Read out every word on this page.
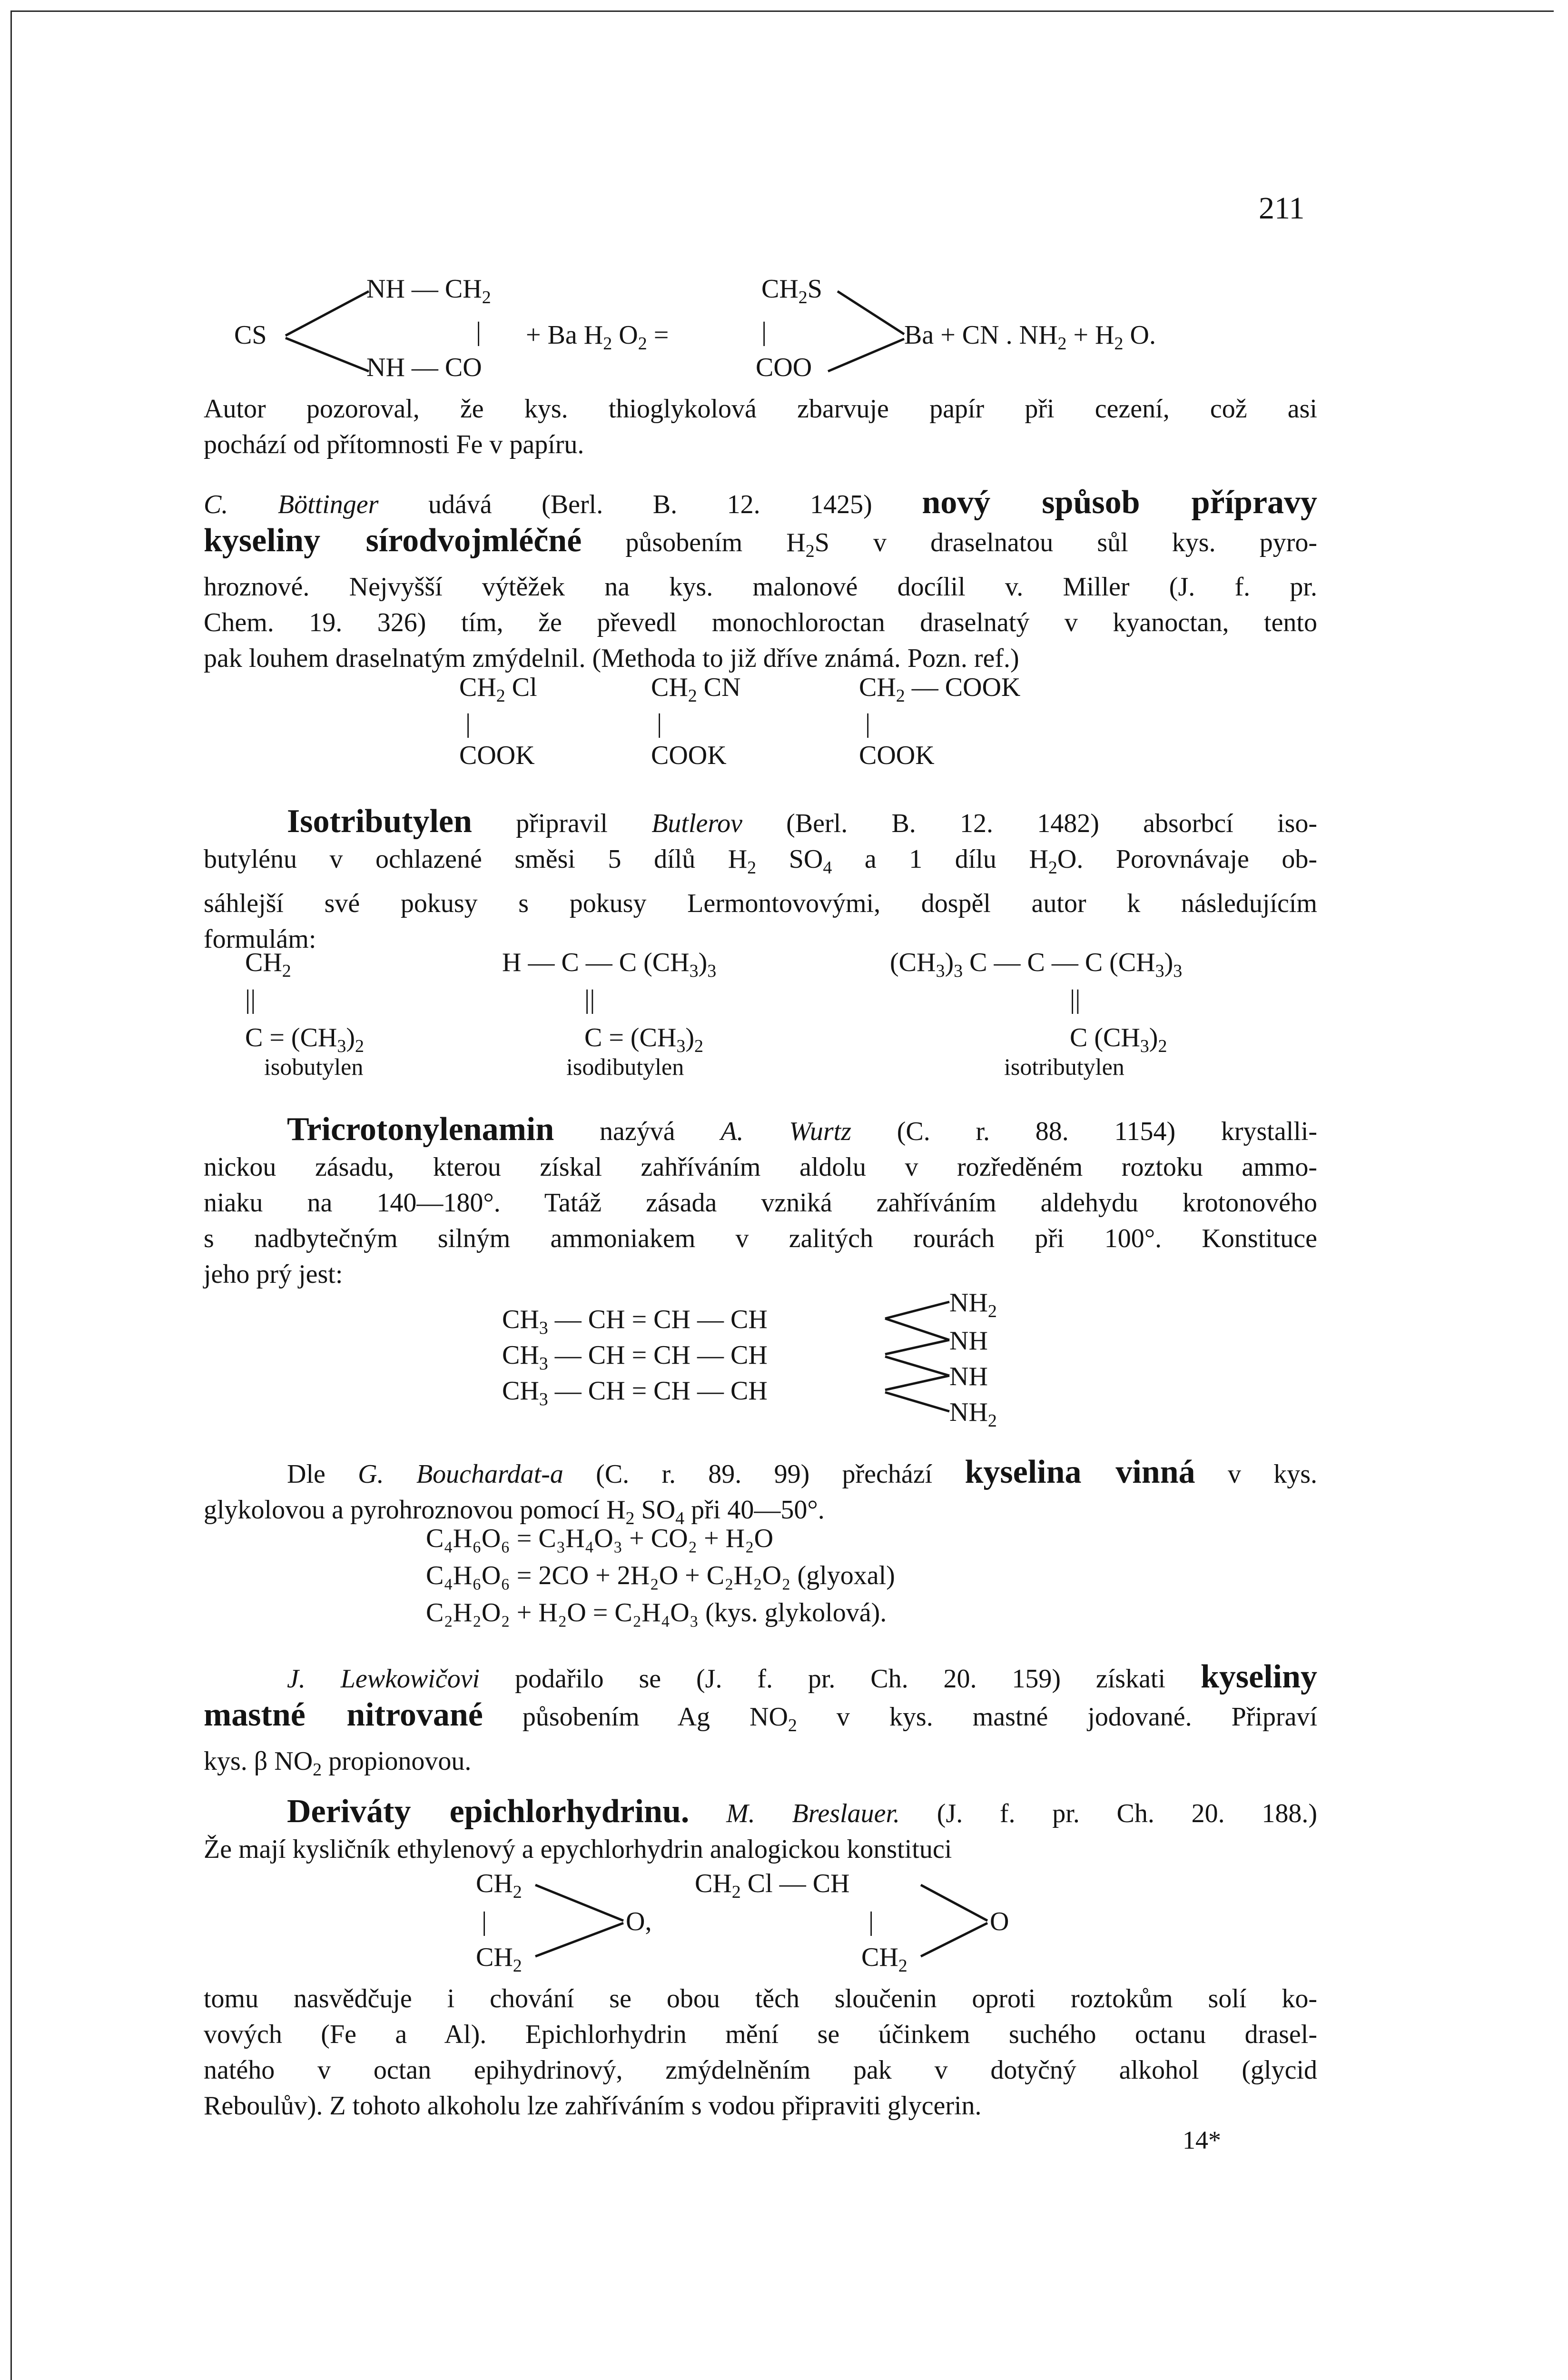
211
CS
NH — $CH_2$
NH — CO
| + Ba $H_2$ $O_2$ =
$CH_2S$
|
COO
Ba + CN . $NH_2 + H_2$ O.
Autor pozoroval, že kys. thioglykolová zbarvuje papír při cezení, což asi
pochází od přítomnosti Fe v papíru.
C. Böttinger udává (Berl. B. 12. 1425) nový spůsob přípravy
kyseliny sírodvojmléčné působením $H_2S$ v draselnatou sůl kys. pyro-
hroznové. Nejvyšší výtěžek na kys. malonové docílil v. Miller (J. f. pr.
Chem. 19. 326) tím, že převedl monochloroctan draselnatý v kyanoctan, tento
pak louhem draselnatým zmýdelnil. (Methoda to již dříve známá. Pozn. ref.)
$CH_2$ Cl	$CH_2$ CN	$CH_2$ — COOK
|	|	|
COOK	COOK	COOK
Isotributylen připravil Butlerov (Berl. B. 12. 1482) absorbcí iso-
butylénu v ochlazené směsi 5 dílů $H_2$ $SO_4$ a 1 dílu $H_2O$. Porovnávaje ob-
sáhlejší své pokusy s pokusy Lermontovovými, dospěl autor k následujícím
formulám:
$CH_2$
||
$C = (CH_3)_2$
isobutylen
H — C — C $(CH_3)_3$
||
$C = (CH_3)_2$
isodibutylen
$(CH_3)_3$ C — C — C $(CH_3)_3$
||
C $(CH_3)_2$
isotributylen
Tricrotonylenamin nazývá A. Wurtz (C. r. 88. 1154) krystalli-
nickou zásadu, kterou získal zahříváním aldolu v rozředěném roztoku ammo-
niaku na 140—180°. Tatáž zásada vzniká zahříváním aldehydu krotonového
s nadbytečným silným ammoniakem v zalitých rourách při 100°. Konstituce
jeho prý jest:
$CH_3$ — CH = CH — CH
$CH_3$ — CH = CH — CH
$CH_3$ — CH = CH — CH
$NH_2$
NH
NH
$NH_2$
Dle G. Bouchardat-a (C. r. 89. 99) přechází kyselina vinná v kys.
glykolovou a pyrohroznovou pomocí $H_2$ $SO_4$ při 40—50°.
C₄H₆O₆ = C₃H₄O₃ + CO₂ + H₂O
C₄H₆O₆ = 2CO + 2H₂O + C₂H₂O₂ (glyoxal)
C₂H₂O₂ + H₂O = C₂H₄O₃ (kys. glykolová).
J. Lewkowičovi podařilo se (J. f. pr. Ch. 20. 159) získati kyseliny
mastné nitrované působením Ag $NO_2$ v kys. mastné jodované. Připraví
kys. β $NO_2$ propionovou.
Deriváty epichlorhydrinu. M. Breslauer. (J. f. pr. Ch. 20. 188.)
Že mají kysličník ethylenový a epychlorhydrin analogickou konstituci
$CH_2$
|
$CH_2$
O,
$CH_2$ Cl — CH
|
$CH_2$
O
tomu nasvědčuje i chování se obou těch sloučenin oproti roztokům solí ko-
vových (Fe a Al). Epichlorhydrin mění se účinkem suchého octanu drasel-
natého v octan epihydrinový, zmýdelněním pak v dotyčný alkohol (glycid
Reboulův). Z tohoto alkoholu lze zahříváním s vodou připraviti glycerin.
14*
